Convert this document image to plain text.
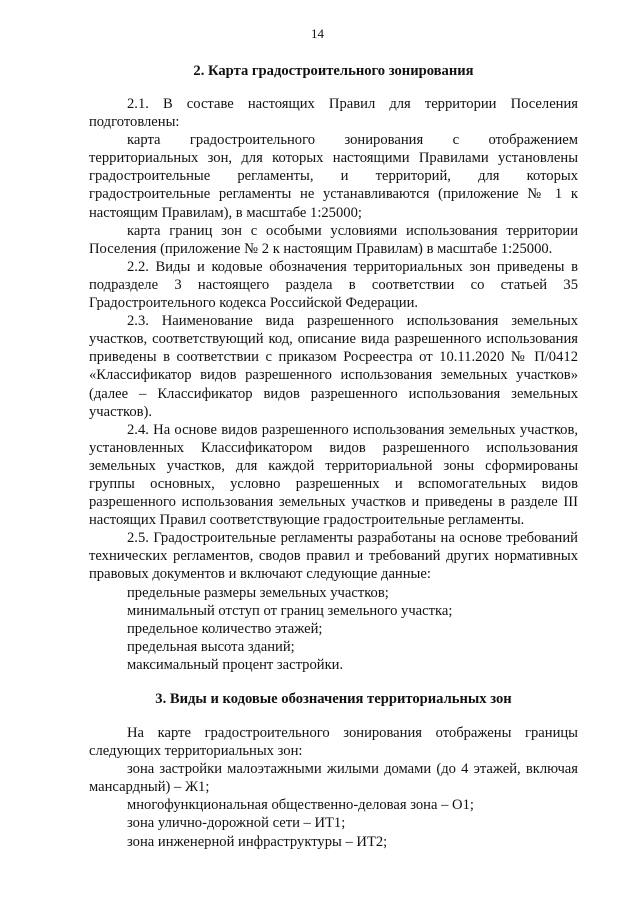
14

2. Карта градостроительного зонирования

2.1. В составе настоящих Правил для территории Поселения подготовлены:

карта градостроительного зонирования с отображением территориальных зон, для которых настоящими Правилами установлены градостроительные регламенты, и территорий, для которых градостроительные регламенты не устанавливаются (приложение № 1 к настоящим Правилам), в масштабе 1:25000;

карта границ зон с особыми условиями использования территории Поселения (приложение № 2 к настоящим Правилам) в масштабе 1:25000.

2.2. Виды и кодовые обозначения территориальных зон приведены в подразделе 3 настоящего раздела в соответствии со статьей 35 Градостроительного кодекса Российской Федерации.

2.3. Наименование вида разрешенного использования земельных участков, соответствующий код, описание вида разрешенного использования приведены в соответствии с приказом Росреестра от 10.11.2020 № П/0412 «Классификатор видов разрешенного использования земельных участков» (далее – Классификатор видов разрешенного использования земельных участков).

2.4. На основе видов разрешенного использования земельных участков, установленных Классификатором видов разрешенного использования земельных участков, для каждой территориальной зоны сформированы группы основных, условно разрешенных и вспомогательных видов разрешенного использования земельных участков и приведены в разделе III настоящих Правил соответствующие градостроительные регламенты.

2.5. Градостроительные регламенты разработаны на основе требований технических регламентов, сводов правил и требований других нормативных правовых документов и включают следующие данные:

предельные размеры земельных участков;

минимальный отступ от границ земельного участка;

предельное количество этажей;

предельная высота зданий;

максимальный процент застройки.

3. Виды и кодовые обозначения территориальных зон

На карте градостроительного зонирования отображены границы следующих территориальных зон:

зона застройки малоэтажными жилыми домами (до 4 этажей, включая мансардный) – Ж1;

многофункциональная общественно-деловая зона – О1;

зона улично-дорожной сети – ИТ1;

зона инженерной инфраструктуры – ИТ2;
